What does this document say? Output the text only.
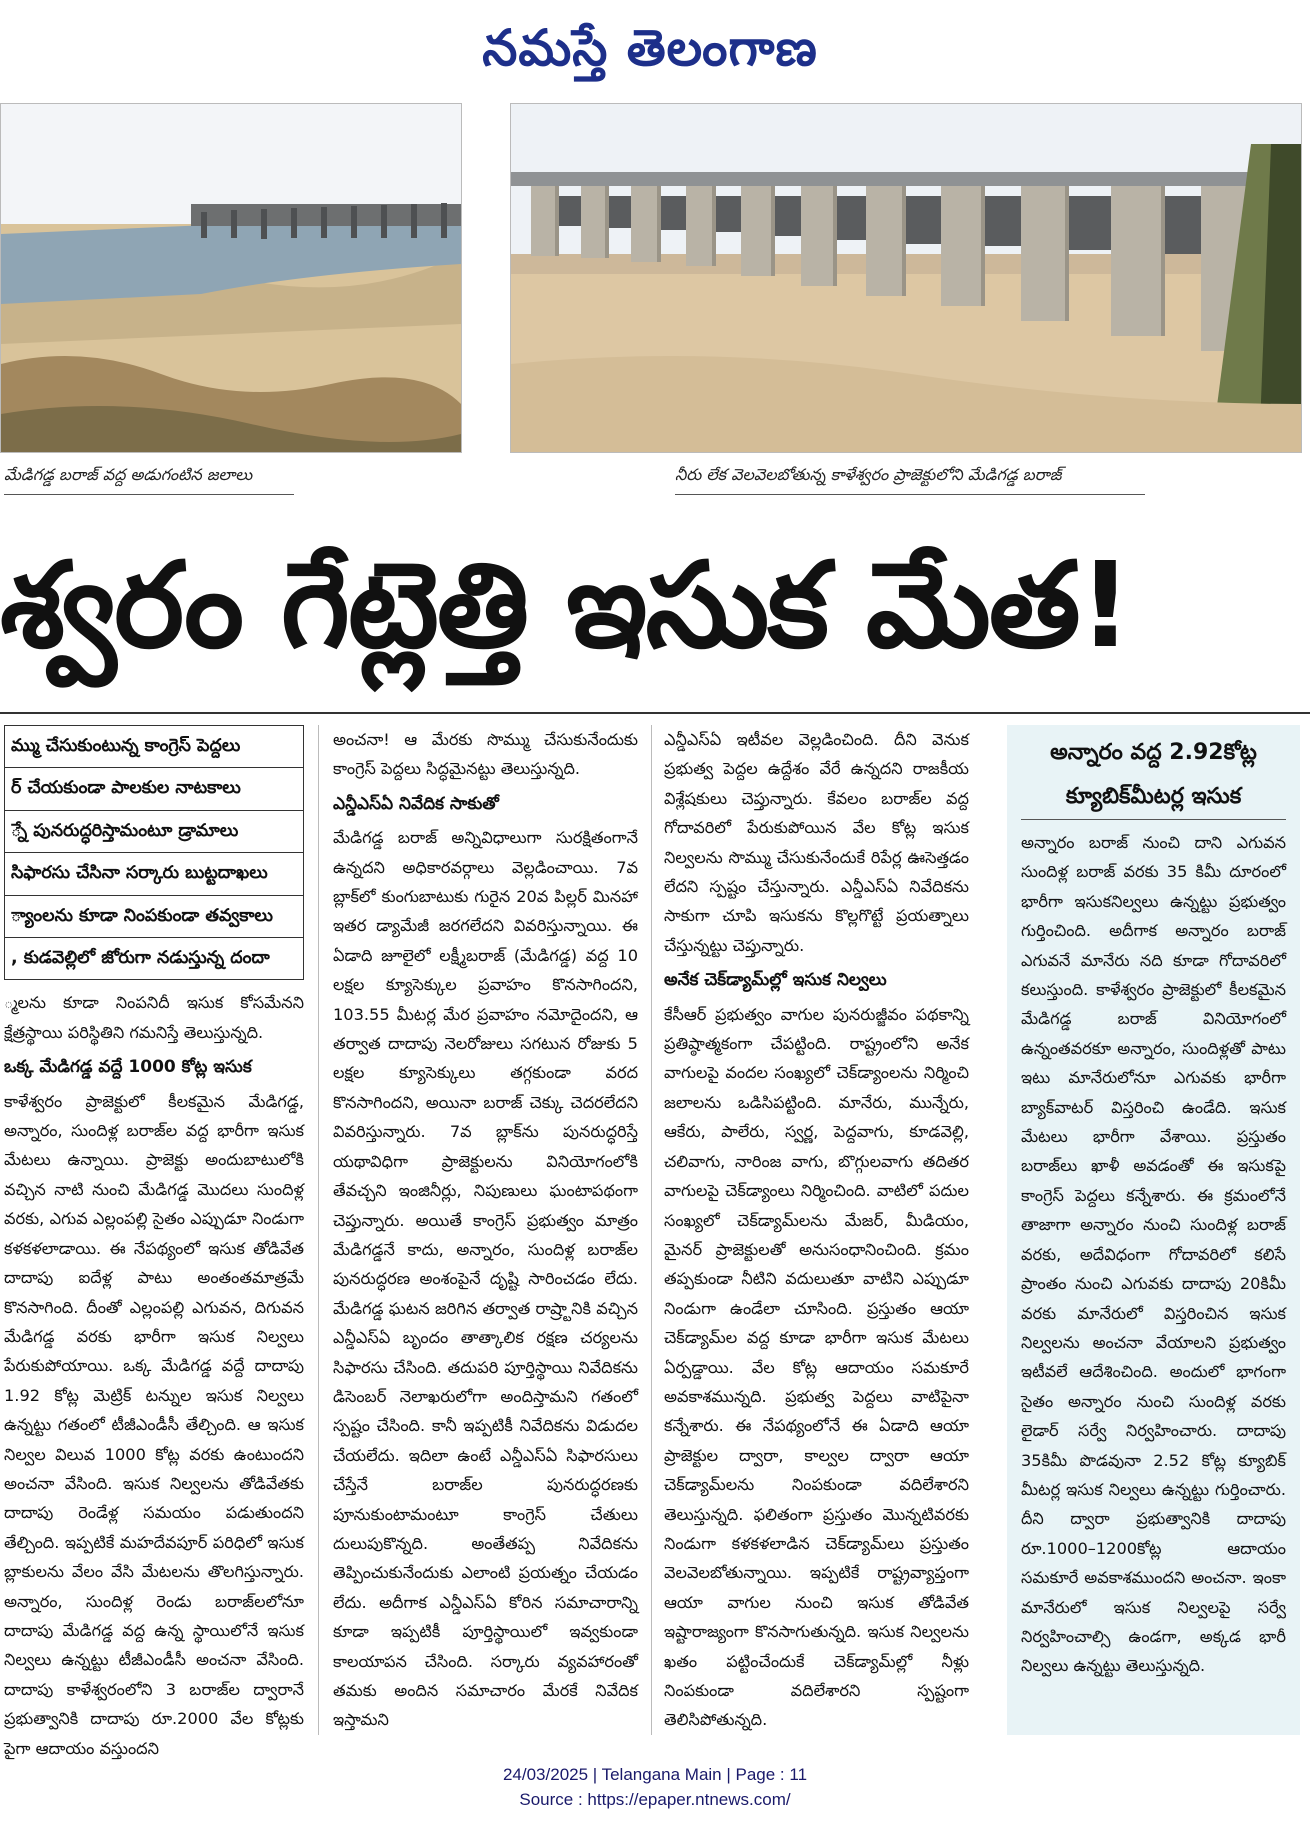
నమస్తే తెలంగాణ
మేడిగడ్డ బరాజ్ వద్ద అడుగంటిన జలాలు	నీరు లేక వెలవెలబోతున్న కాళేశ్వరం ప్రాజెక్టులోని మేడిగడ్డ బరాజ్
శ్వరం గేట్లెత్తి ఇసుక మేత!
మ్ము చేసుకుంటున్న కాంగ్రెస్ పెద్దలు
ర్ చేయకుండా పాలకుల నాటకాలు
్నే పునరుద్ధరిస్తామంటూ డ్రామాలు
సిఫారసు చేసినా సర్కారు బుట్టదాఖలు
్యాంలను కూడా నింపకుండా తవ్వకాలు
, కుడవెల్లిలో జోరుగా నడుస్తున్న దందా

్మలను కూడా నింపనిదీ ఇసుక కోసమేనని క్షేత్రస్థాయి పరిస్థితిని గమనిస్తే తెలుస్తున్నది.

ఒక్క మేడిగడ్డ వద్దే 1000 కోట్ల ఇసుక

కాళేశ్వరం ప్రాజెక్టులో కీలకమైన మేడిగడ్డ, అన్నారం, సుందిళ్ల బరాజ్‌ల వద్ద భారీగా ఇసుక మేటలు ఉన్నాయి. ప్రాజెక్టు అందుబాటులోకి వచ్చిన నాటి నుంచి మేడిగడ్డ మొదలు సుందిళ్ల వరకు, ఎగువ ఎల్లంపల్లి సైతం ఎప్పుడూ నిండుగా కళకళలాడాయి. ఈ నేపథ్యంలో ఇసుక తోడివేత దాదాపు ఐదేళ్ల పాటు అంతంతమాత్రమే కొనసాగింది. దీంతో ఎల్లంపల్లి ఎగువన, దిగువన మేడిగడ్డ వరకు భారీగా ఇసుక నిల్వలు పేరుకుపోయాయి. ఒక్క మేడిగడ్డ వద్దే దాదాపు 1.92 కోట్ల మెట్రిక్ టన్నుల ఇసుక నిల్వలు ఉన్నట్టు గతంలో టీజీఎండీసీ తేల్చింది. ఆ ఇసుక నిల్వల విలువ 1000 కోట్ల వరకు ఉంటుందని అంచనా వేసింది. ఇసుక నిల్వలను తోడివేతకు దాదాపు రెండేళ్ల సమయం పడుతుందని తేల్చింది. ఇప్పటికే మహదేవపూర్ పరిధిలో ఇసుక బ్లాకులను వేలం వేసి మేటలను తొలగిస్తున్నారు. అన్నారం, సుందిళ్ల రెండు బరాజ్‌లలోనూ దాదాపు మేడిగడ్డ వద్ద ఉన్న స్థాయిలోనే ఇసుక నిల్వలు ఉన్నట్టు టీజీఎండీసీ అంచనా వేసింది. దాదాపు కాళేశ్వరంలోని 3 బరాజ్‌ల ద్వారానే ప్రభుత్వానికి దాదాపు రూ.2000 వేల కోట్లకు పైగా ఆదాయం వస్తుందని

అంచనా! ఆ మేరకు సొమ్ము చేసుకునేందుకు కాంగ్రెస్ పెద్దలు సిద్ధమైనట్టు తెలుస్తున్నది.

ఎన్డీఎస్ఏ నివేదిక సాకుతో

మేడిగడ్డ బరాజ్ అన్నివిధాలుగా సురక్షితంగానే ఉన్నదని అధికారవర్గాలు వెల్లడించాయి. 7వ బ్లాక్‌లో కుంగుబాటుకు గురైన 20వ పిల్లర్ మినహా ఇతర డ్యామేజీ జరగలేదని వివరిస్తున్నాయి. ఈ ఏడాది జూలైలో లక్ష్మీబరాజ్ (మేడిగడ్డ) వద్ద 10 లక్షల క్యూసెక్కుల ప్రవాహం కొనసాగిందని, 103.55 మీటర్ల మేర ప్రవాహం నమోదైందని, ఆ తర్వాత దాదాపు నెలరోజులు సగటున రోజుకు 5 లక్షల క్యూసెక్కులు తగ్గకుండా వరద కొనసాగిందని, అయినా బరాజ్ చెక్కు చెదరలేదని వివరిస్తున్నారు. 7వ బ్లాక్‌ను పునరుద్ధరిస్తే యథావిధిగా ప్రాజెక్టులను వినియోగంలోకి తేవచ్చని ఇంజినీర్లు, నిపుణులు ఘంటాపథంగా చెప్తున్నారు. అయితే కాంగ్రెస్ ప్రభుత్వం మాత్రం మేడిగడ్డనే కాదు, అన్నారం, సుందిళ్ల బరాజ్‌ల పునరుద్ధరణ అంశంపైనే దృష్టి సారించడం లేదు. మేడిగడ్డ ఘటన జరిగిన తర్వాత రాష్ర్టానికి వచ్చిన ఎన్డీఎస్ఏ బృందం తాత్కాలిక రక్షణ చర్యలను సిఫారసు చేసింది. తదుపరి పూర్తిస్థాయి నివేదికను డిసెంబర్ నెలాఖరులోగా అందిస్తామని గతంలో స్పష్టం చేసింది. కానీ ఇప్పటికీ నివేదికను విడుదల చేయలేదు. ఇదిలా ఉంటే ఎన్డీఎస్ఏ సిఫారసులు చేస్తేనే బరాజ్‌ల పునరుద్ధరణకు పూనుకుంటామంటూ కాంగ్రెస్ చేతులు దులుపుకొన్నది. అంతేతప్ప నివేదికను తెప్పించుకునేందుకు ఎలాంటి ప్రయత్నం చేయడం లేదు. అదీగాక ఎన్డీఎస్ఏ కోరిన సమాచారాన్ని కూడా ఇప్పటికీ పూర్తిస్థాయిలో ఇవ్వకుండా కాలయాపన చేసింది. సర్కారు వ్యవహారంతో తమకు అందిన సమాచారం మేరకే నివేదిక ఇస్తామని

ఎన్డీఎస్ఏ ఇటీవల వెల్లడించింది. దీని వెనుక ప్రభుత్వ పెద్దల ఉద్దేశం వేరే ఉన్నదని రాజకీయ విశ్లేషకులు చెప్తున్నారు. కేవలం బరాజ్‌ల వద్ద గోదావరిలో పేరుకుపోయిన వేల కోట్ల ఇసుక నిల్వలను సొమ్ము చేసుకునేందుకే రిపేర్ల ఊసెత్తడం లేదని స్పష్టం చేస్తున్నారు. ఎన్డీఎస్ఏ నివేదికను సాకుగా చూపి ఇసుకను కొల్లగొట్టే ప్రయత్నాలు చేస్తున్నట్టు చెప్తున్నారు.

అనేక చెక్‌డ్యామ్‌ల్లో ఇసుక నిల్వలు

కేసీఆర్ ప్రభుత్వం వాగుల పునరుజ్జీవం పథకాన్ని ప్రతిష్ఠాత్మకంగా చేపట్టింది. రాష్ట్రంలోని అనేక వాగులపై వందల సంఖ్యలో చెక్‌డ్యాంలను నిర్మించి జలాలను ఒడిసిపట్టింది. మానేరు, మున్నేరు, ఆకేరు, పాలేరు, స్వర్ణ, పెద్దవాగు, కూడవెల్లి, చలివాగు, నారింజ వాగు, బొగ్గులవాగు తదితర వాగులపై చెక్‌డ్యాంలు నిర్మించింది. వాటిలో పదుల సంఖ్యలో చెక్‌డ్యామ్‌లను మేజర్, మీడియం, మైనర్ ప్రాజెక్టులతో అనుసంధానించింది. క్రమం తప్పకుండా నీటిని వదులుతూ వాటిని ఎప్పుడూ నిండుగా ఉండేలా చూసింది. ప్రస్తుతం ఆయా చెక్‌డ్యామ్‌ల వద్ద కూడా భారీగా ఇసుక మేటలు ఏర్పడ్డాయి. వేల కోట్ల ఆదాయం సమకూరే అవకాశమున్నది. ప్రభుత్వ పెద్దలు వాటిపైనా కన్నేశారు. ఈ నేపథ్యంలోనే ఈ ఏడాది ఆయా ప్రాజెక్టుల ద్వారా, కాల్వల ద్వారా ఆయా చెక్‌డ్యామ్‌లను నింపకుండా వదిలేశారని తెలుస్తున్నది. ఫలితంగా ప్రస్తుతం మొన్నటివరకు నిండుగా కళకళలాడిన చెక్‌డ్యామ్‌లు ప్రస్తుతం వెలవెలబోతున్నాయి. ఇప్పటికే రాష్ట్రవ్యాప్తంగా ఆయా వాగుల నుంచి ఇసుక తోడివేత ఇష్టారాజ్యంగా కొనసాగుతున్నది. ఇసుక నిల్వలను ఖతం పట్టించేందుకే చెక్‌డ్యామ్‌ల్లో నీళ్లు నింపకుండా వదిలేశారని స్పష్టంగా తెలిసిపోతున్నది.

అన్నారం వద్ద 2.92కోట్ల క్యూబిక్‌మీటర్ల ఇసుక
అన్నారం బరాజ్ నుంచి దాని ఎగువన సుందిళ్ల బరాజ్ వరకు 35 కిమీ దూరంలో భారీగా ఇసుకనిల్వలు ఉన్నట్టు ప్రభుత్వం గుర్తించింది. అదీగాక అన్నారం బరాజ్ ఎగువనే మానేరు నది కూడా గోదావరిలో కలుస్తుంది. కాళేశ్వరం ప్రాజెక్టులో కీలకమైన మేడిగడ్డ బరాజ్ వినియోగంలో ఉన్నంతవరకూ అన్నారం, సుందిళ్లతో పాటు ఇటు మానేరులోనూ ఎగువకు భారీగా బ్యాక్‌వాటర్ విస్తరించి ఉండేది. ఇసుక మేటలు భారీగా వేశాయి. ప్రస్తుతం బరాజ్‌లు ఖాళీ అవడంతో ఈ ఇసుకపై కాంగ్రెస్ పెద్దలు కన్నేశారు. ఈ క్రమంలోనే తాజాగా అన్నారం నుంచి సుందిళ్ల బరాజ్ వరకు, అదేవిధంగా గోదావరిలో కలిసే ప్రాంతం నుంచి ఎగువకు దాదాపు 20కిమీ వరకు మానేరులో విస్తరించిన ఇసుక నిల్వలను అంచనా వేయాలని ప్రభుత్వం ఇటీవలే ఆదేశించింది. అందులో భాగంగా సైతం అన్నారం నుంచి సుందిళ్ల వరకు లైడార్ సర్వే నిర్వహించారు. దాదాపు 35కిమీ పొడవునా 2.52 కోట్ల క్యూబిక్ మీటర్ల ఇసుక నిల్వలు ఉన్నట్టు గుర్తించారు. దీని ద్వారా ప్రభుత్వానికి దాదాపు రూ.1000–1200కోట్ల ఆదాయం సమకూరే అవకాశముందని అంచనా. ఇంకా మానేరులో ఇసుక నిల్వలపై సర్వే నిర్వహించాల్సి ఉండగా, అక్కడ భారీ నిల్వలు ఉన్నట్టు తెలుస్తున్నది.
24/03/2025 | Telangana Main | Page : 11
Source : https://epaper.ntnews.com/
